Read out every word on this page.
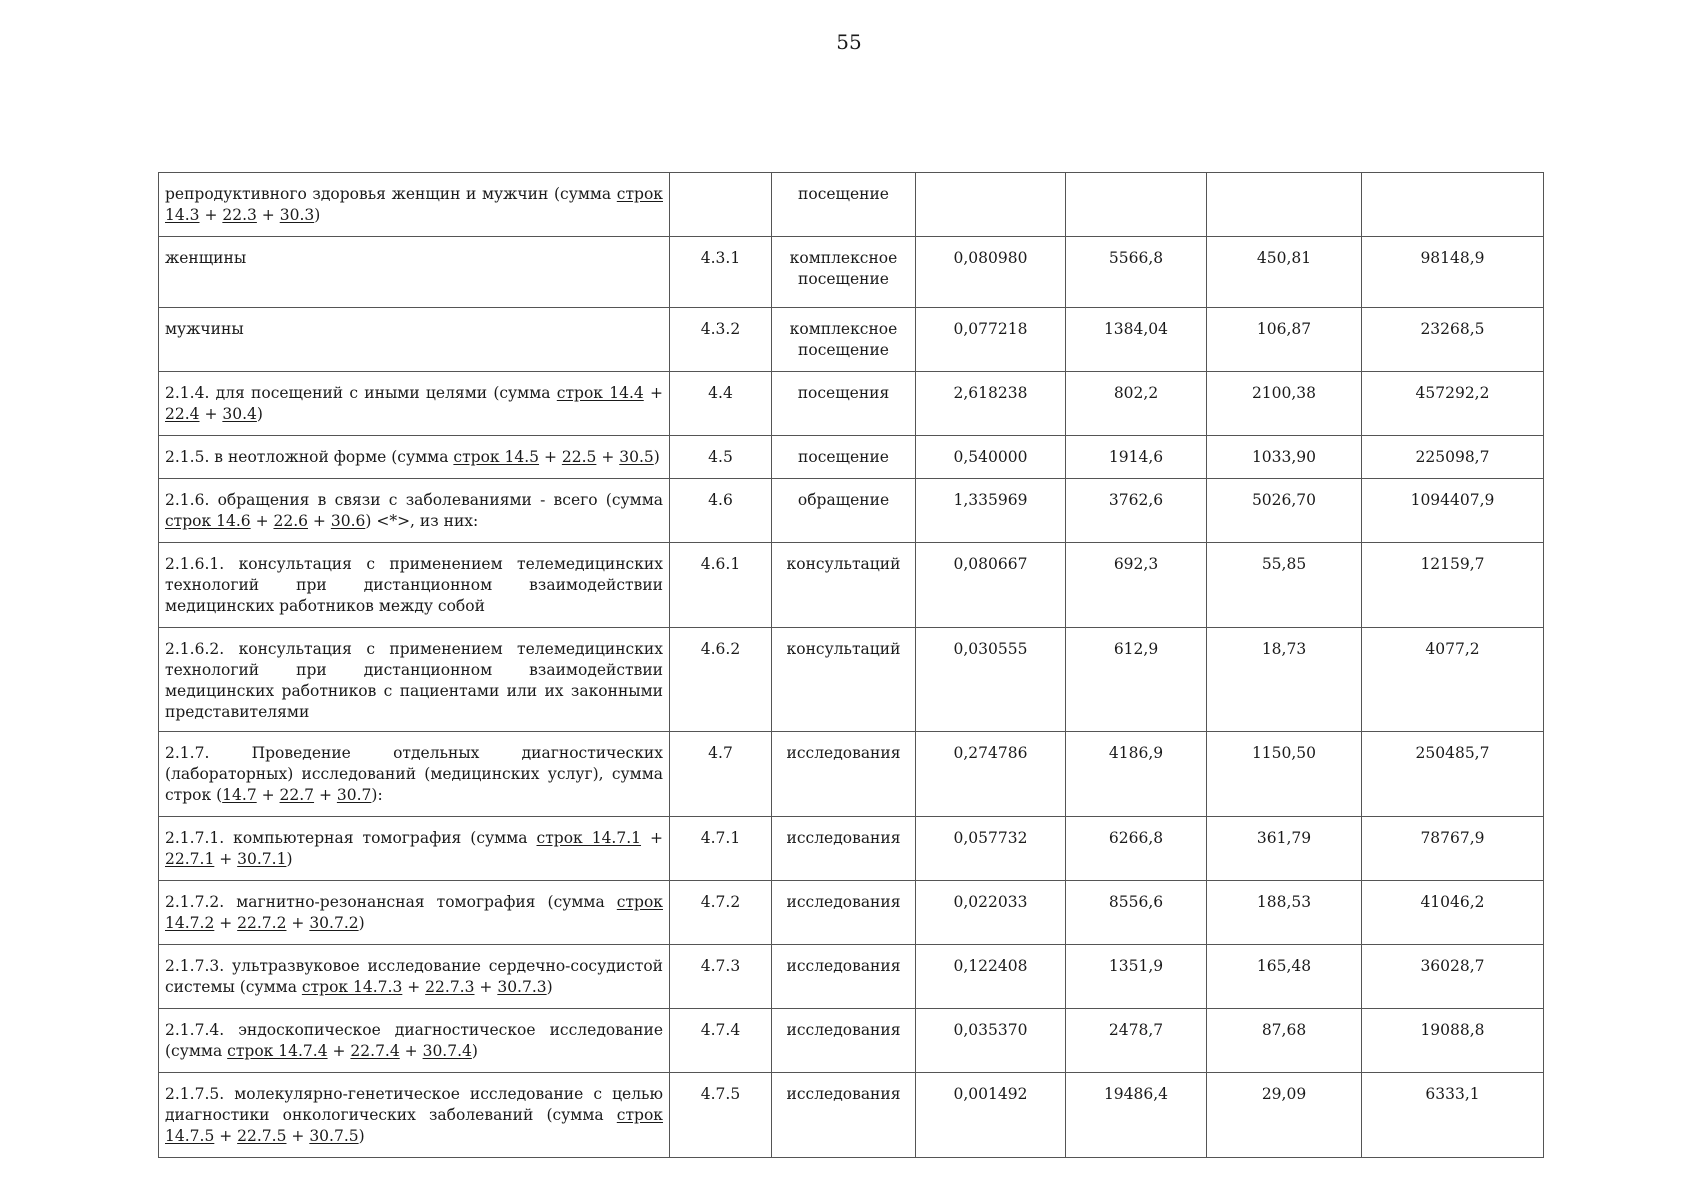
55
репродуктивного здоровья женщин и мужчин (сумма строк 14.3 + 22.3 + 30.3)		посещение				
женщины	4.3.1	комплексное посещение	0,080980	5566,8	450,81	98148,9
мужчины	4.3.2	комплексное посещение	0,077218	1384,04	106,87	23268,5
2.1.4. для посещений с иными целями (сумма строк 14.4 + 22.4 + 30.4)	4.4	посещения	2,618238	802,2	2100,38	457292,2
2.1.5. в неотложной форме (сумма строк 14.5 + 22.5 + 30.5)	4.5	посещение	0,540000	1914,6	1033,90	225098,7
2.1.6. обращения в связи с заболеваниями - всего (сумма строк 14.6 + 22.6 + 30.6) <*>, из них:	4.6	обращение	1,335969	3762,6	5026,70	1094407,9
2.1.6.1. консультация с применением телемедицинских технологий при дистанционном взаимодействии медицинских работников между собой	4.6.1	консультаций	0,080667	692,3	55,85	12159,7
2.1.6.2. консультация с применением телемедицинских технологий при дистанционном взаимодействии медицинских работников с пациентами или их законными представителями	4.6.2	консультаций	0,030555	612,9	18,73	4077,2
2.1.7. Проведение отдельных диагностических (лабораторных) исследований (медицинских услуг), сумма строк (14.7 + 22.7 + 30.7):	4.7	исследования	0,274786	4186,9	1150,50	250485,7
2.1.7.1. компьютерная томография (сумма строк 14.7.1 + 22.7.1 + 30.7.1)	4.7.1	исследования	0,057732	6266,8	361,79	78767,9
2.1.7.2. магнитно-резонансная томография (сумма строк 14.7.2 + 22.7.2 + 30.7.2)	4.7.2	исследования	0,022033	8556,6	188,53	41046,2
2.1.7.3. ультразвуковое исследование сердечно-сосудистой системы (сумма строк 14.7.3 + 22.7.3 + 30.7.3)	4.7.3	исследования	0,122408	1351,9	165,48	36028,7
2.1.7.4. эндоскопическое диагностическое исследование (сумма строк 14.7.4 + 22.7.4 + 30.7.4)	4.7.4	исследования	0,035370	2478,7	87,68	19088,8
2.1.7.5. молекулярно-генетическое исследование с целью диагностики онкологических заболеваний (сумма строк 14.7.5 + 22.7.5 + 30.7.5)	4.7.5	исследования	0,001492	19486,4	29,09	6333,1
